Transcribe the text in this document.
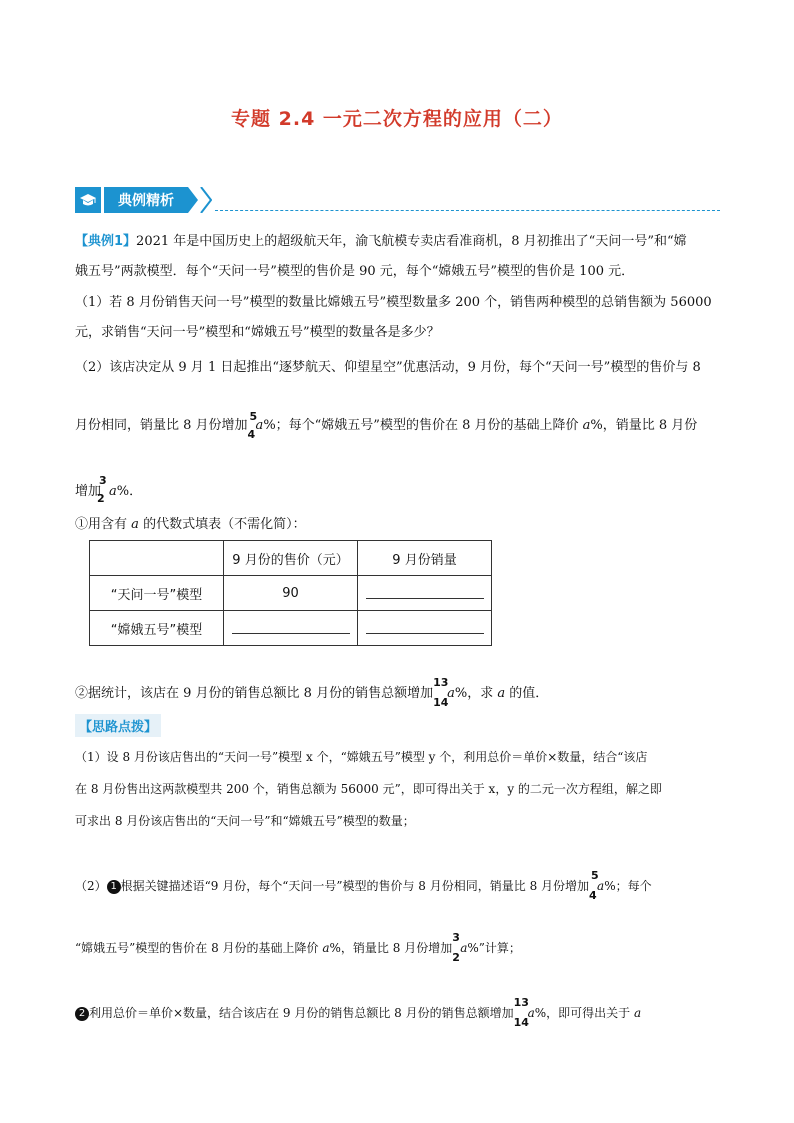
专题 2.4 一元二次方程的应用（二）
典例精析
【典例1】2021 年是中国历史上的超级航天年，渝飞航模专卖店看准商机，8 月初推出了“天问一号”和“嫦
娥五号”两款模型．每个“天问一号”模型的售价是 90 元，每个“嫦娥五号”模型的售价是 100 元．
（1）若 8 月份销售天问一号”模型的数量比嫦娥五号”模型数量多 200 个，销售两种模型的总销售额为 56000
元，求销售“天问一号”模型和“嫦娥五号”模型的数量各是多少？
（2）该店决定从 9 月 1 日起推出“逐梦航天、仰望星空”优惠活动，9 月份，每个“天问一号”模型的售价与 8
月份相同，销量比 8 月份增加
5
4
a%；每个“嫦娥五号”模型的售价在 8 月份的基础上降价 a%，销量比 8 月份
增加
3
2 a%．
①用含有 a 的代数式填表（不需化简）：
	9 月份的售价（元）	9 月份销量
“天问一号”模型	90	
“嫦娥五号”模型		
②据统计，该店在 9 月份的销售总额比 8 月份的销售总额增加
13
14
a%，求 a 的值．
【思路点拨】
（1）设 8 月份该店售出的“天问一号”模型 x 个，“嫦娥五号”模型 y 个，利用总价＝单价×数量，结合“该店
在 8 月份售出这两款模型共 200 个，销售总额为 56000 元”，即可得出关于 x，y 的二元一次方程组，解之即
可求出 8 月份该店售出的“天问一号”和“嫦娥五号”模型的数量；
（2） 1 根据关键描述语“9 月份，每个“天问一号”模型的售价与 8 月份相同，销量比 8 月份增加
5
4
a%；每个
“嫦娥五号”模型的售价在 8 月份的基础上降价 a%，销量比 8 月份增加
3
2
a%”计算；
2 利用总价＝单价×数量，结合该店在 9 月份的销售总额比 8 月份的销售总额增加
13
14
a%，即可得出关于 a
